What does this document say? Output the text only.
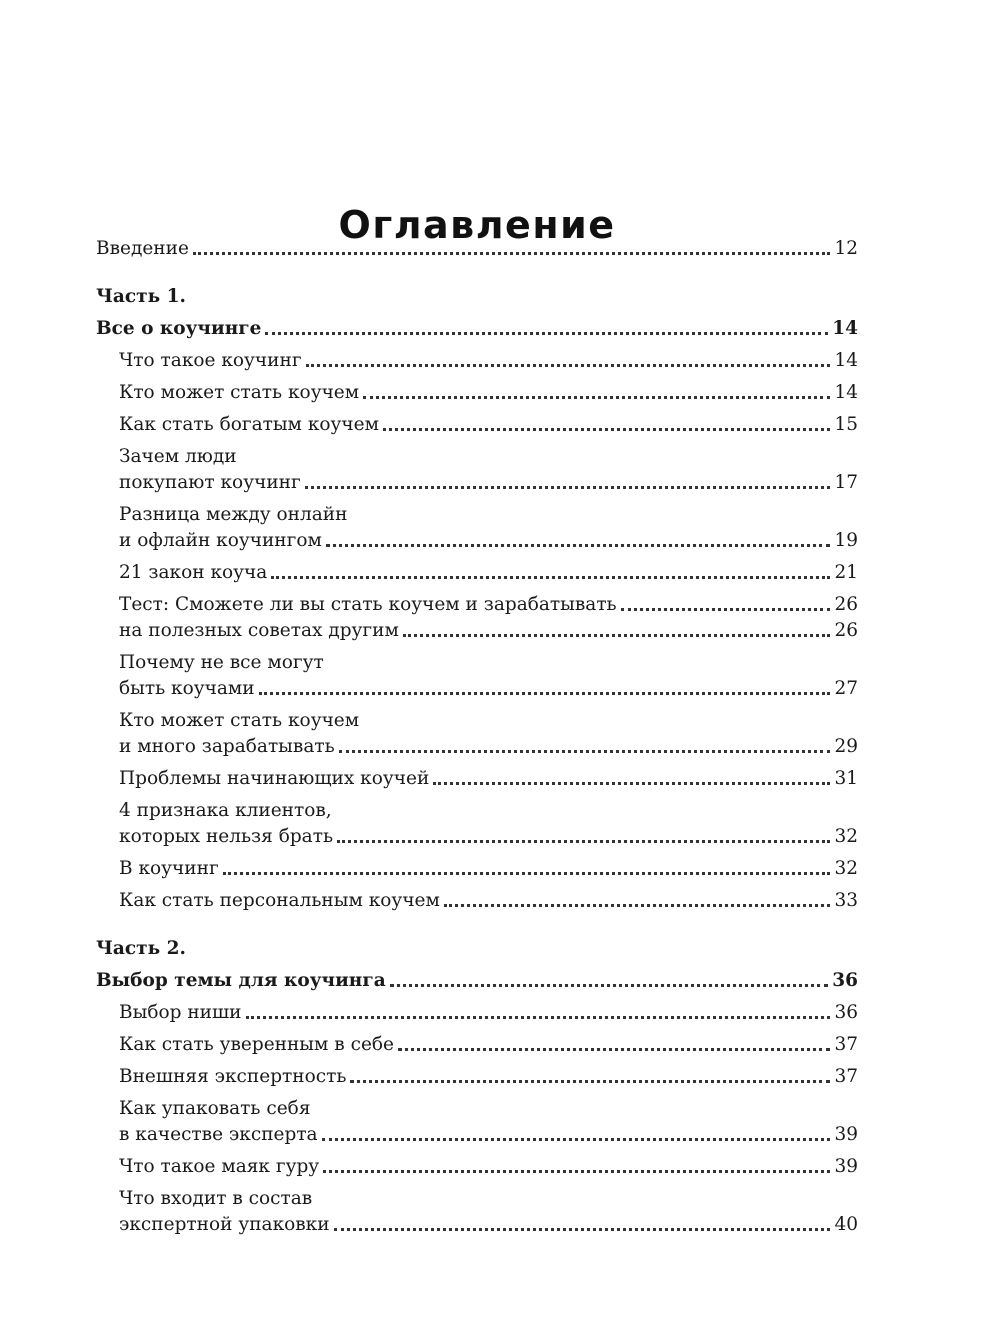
Оглавление
Введение	12
Часть 1.
Все о коучинге	14
Что такое коучинг	14
Кто может стать коучем	14
Как стать богатым коучем	15
Зачем люди
покупают коучинг	17
Разница между онлайн
и офлайн коучингом	19
21 закон коуча	21
Тест: Сможете ли вы стать коучем и зарабатывать	26
на полезных советах другим	26
Почему не все могут
быть коучами	27
Кто может стать коучем
и много зарабатывать	29
Проблемы начинающих коучей	31
4 признака клиентов,
которых нельзя брать	32
В коучинг	32
Как стать персональным коучем	33
Часть 2.
Выбор темы для коучинга	36
Выбор ниши	36
Как стать уверенным в себе	37
Внешняя экспертность	37
Как упаковать себя
в качестве эксперта	39
Что такое маяк гуру	39
Что входит в состав
экспертной упаковки	40
